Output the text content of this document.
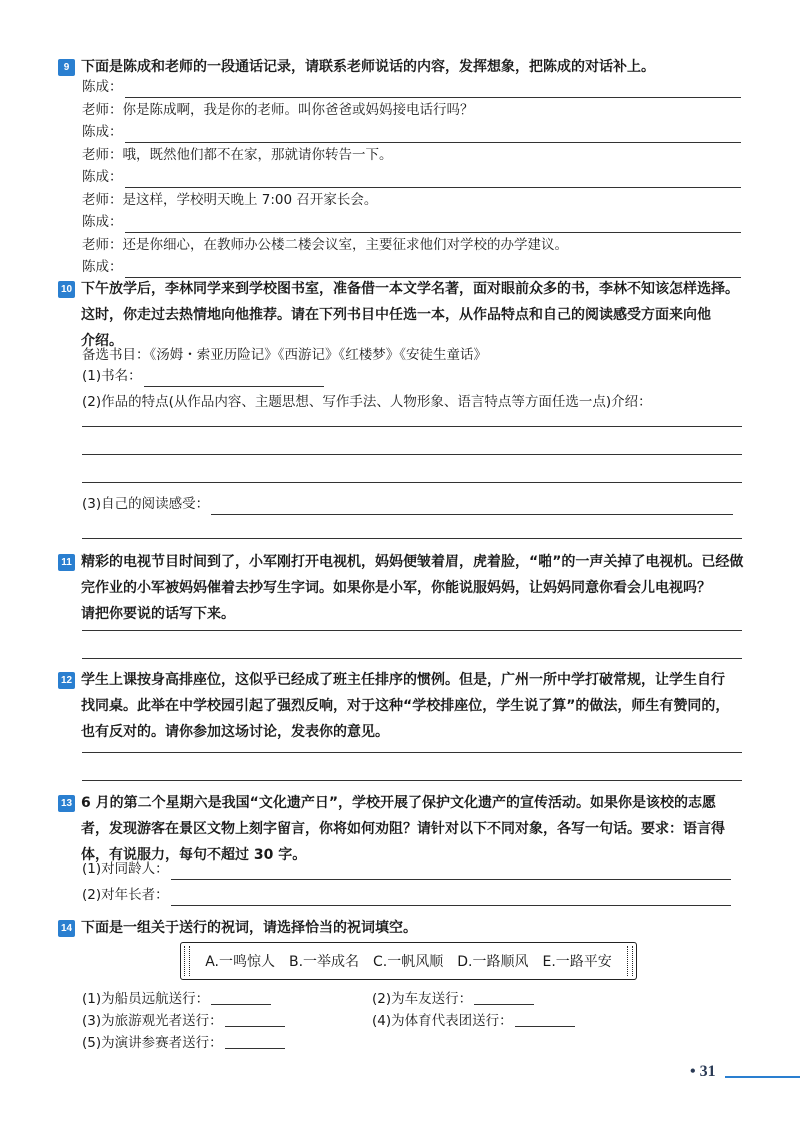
9 下面是陈成和老师的一段通话记录，请联系老师说话的内容，发挥想象，把陈成的对话补上。
陈成：
老师：你是陈成啊，我是你的老师。叫你爸爸或妈妈接电话行吗？
陈成：
老师：哦，既然他们都不在家，那就请你转告一下。
陈成：
老师：是这样，学校明天晚上 7:00 召开家长会。
陈成：
老师：还是你细心，在教师办公楼二楼会议室，主要征求他们对学校的办学建议。
陈成：
10 下午放学后，李林同学来到学校图书室，准备借一本文学名著，面对眼前众多的书，李林不知该怎样选择。
这时，你走过去热情地向他推荐。请在下列书目中任选一本，从作品特点和自己的阅读感受方面来向他
介绍。
备选书目：《汤姆・索亚历险记》《西游记》《红楼梦》《安徒生童话》
(1)书名：
(2)作品的特点(从作品内容、主题思想、写作手法、人物形象、语言特点等方面任选一点)介绍：
(3)自己的阅读感受：
11 精彩的电视节目时间到了，小军刚打开电视机，妈妈便皱着眉，虎着脸，“啪”的一声关掉了电视机。已经做
完作业的小军被妈妈催着去抄写生字词。如果你是小军，你能说服妈妈，让妈妈同意你看会儿电视吗？
请把你要说的话写下来。
12 学生上课按身高排座位，这似乎已经成了班主任排序的惯例。但是，广州一所中学打破常规，让学生自行
找同桌。此举在中学校园引起了强烈反响，对于这种“学校排座位，学生说了算”的做法，师生有赞同的，
也有反对的。请你参加这场讨论，发表你的意见。
13 6 月的第二个星期六是我国“文化遗产日”，学校开展了保护文化遗产的宣传活动。如果你是该校的志愿
者，发现游客在景区文物上刻字留言，你将如何劝阻？请针对以下不同对象，各写一句话。要求：语言得
体，有说服力，每句不超过 30 字。
(1)对同龄人：
(2)对年长者：
14 下面是一组关于送行的祝词，请选择恰当的祝词填空。
A.一鸣惊人 B.一举成名 C.一帆风顺 D.一路顺风 E.一路平安
(1)为船员远航送行：	(2)为车友送行：
(3)为旅游观光者送行：	(4)为体育代表团送行：
(5)为演讲参赛者送行：
• 31
